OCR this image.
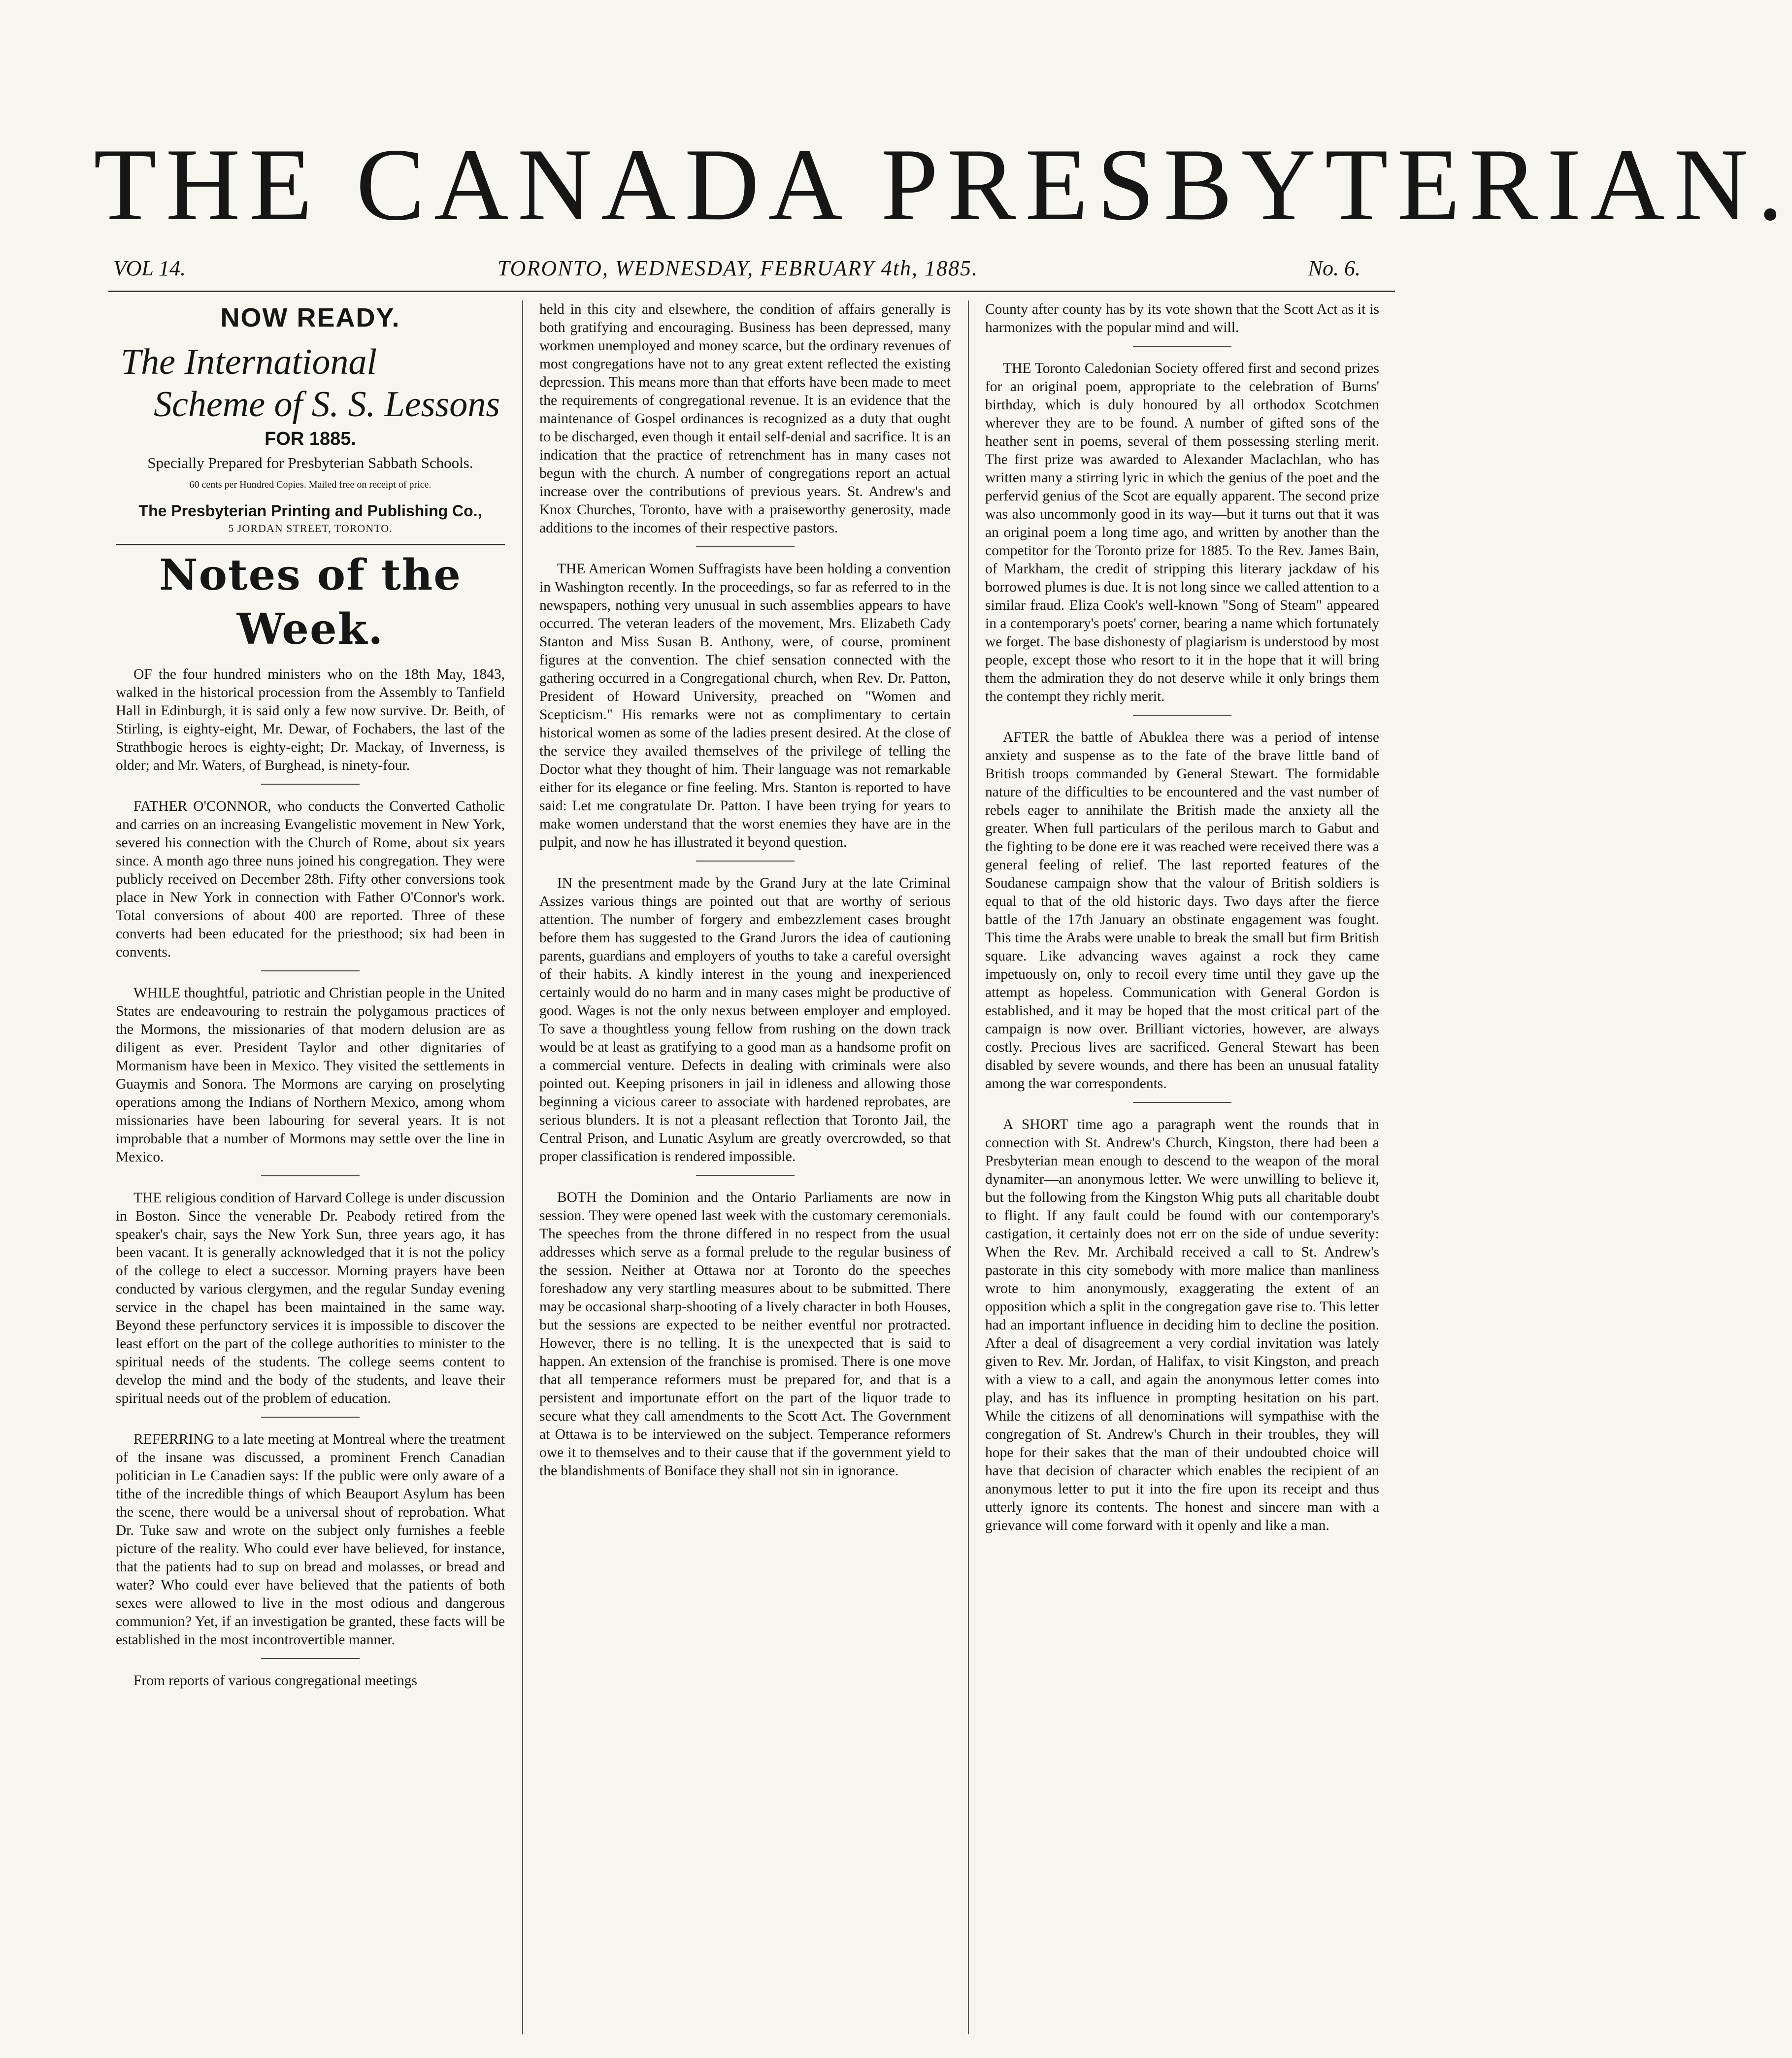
THE CANADA PRESBYTERIAN.
VOL 14.	TORONTO, WEDNESDAY, FEBRUARY 4th, 1885.	No. 6.
NOW READY.
The International
Scheme of S. S. Lessons
FOR 1885.
Specially Prepared for Presbyterian Sabbath Schools.
60 cents per Hundred Copies. Mailed free on receipt of price.
The Presbyterian Printing and Publishing Co.,
5 JORDAN STREET, TORONTO.
Notes of the Week.
OF the four hundred ministers who on the 18th May, 1843, walked in the historical procession from the Assembly to Tanfield Hall in Edinburgh, it is said only a few now survive. Dr. Beith, of Stirling, is eighty-eight, Mr. Dewar, of Fochabers, the last of the Strathbogie heroes is eighty-eight; Dr. Mackay, of Inverness, is older; and Mr. Waters, of Burghead, is ninety-four.
FATHER O'CONNOR, who conducts the Converted Catholic and carries on an increasing Evangelistic movement in New York, severed his connection with the Church of Rome, about six years since. A month ago three nuns joined his congregation. They were publicly received on December 28th. Fifty other conversions took place in New York in connection with Father O'Connor's work. Total conversions of about 400 are reported. Three of these converts had been educated for the priesthood; six had been in convents.
WHILE thoughtful, patriotic and Christian people in the United States are endeavouring to restrain the polygamous practices of the Mormons, the missionaries of that modern delusion are as diligent as ever. President Taylor and other dignitaries of Mormanism have been in Mexico. They visited the settlements in Guaymis and Sonora. The Mormons are carying on proselyting operations among the Indians of Northern Mexico, among whom missionaries have been labouring for several years. It is not improbable that a number of Mormons may settle over the line in Mexico.
THE religious condition of Harvard College is under discussion in Boston. Since the venerable Dr. Peabody retired from the speaker's chair, says the New York Sun, three years ago, it has been vacant. It is generally acknowledged that it is not the policy of the college to elect a successor. Morning prayers have been conducted by various clergymen, and the regular Sunday evening service in the chapel has been maintained in the same way. Beyond these perfunctory services it is impossible to discover the least effort on the part of the college authorities to minister to the spiritual needs of the students. The college seems content to develop the mind and the body of the students, and leave their spiritual needs out of the problem of education.
REFERRING to a late meeting at Montreal where the treatment of the insane was discussed, a prominent French Canadian politician in Le Canadien says: If the public were only aware of a tithe of the incredible things of which Beauport Asylum has been the scene, there would be a universal shout of reprobation. What Dr. Tuke saw and wrote on the subject only furnishes a feeble picture of the reality. Who could ever have believed, for instance, that the patients had to sup on bread and molasses, or bread and water? Who could ever have believed that the patients of both sexes were allowed to live in the most odious and dangerous communion? Yet, if an investigation be granted, these facts will be established in the most incontrovertible manner.
From reports of various congregational meetings
held in this city and elsewhere, the condition of affairs generally is both gratifying and encouraging. Business has been depressed, many workmen unemployed and money scarce, but the ordinary revenues of most congregations have not to any great extent reflected the existing depression. This means more than that efforts have been made to meet the requirements of congregational revenue. It is an evidence that the maintenance of Gospel ordinances is recognized as a duty that ought to be discharged, even though it entail self-denial and sacrifice. It is an indication that the practice of retrenchment has in many cases not begun with the church. A number of congregations report an actual increase over the contributions of previous years. St. Andrew's and Knox Churches, Toronto, have with a praiseworthy generosity, made additions to the incomes of their respective pastors.
THE American Women Suffragists have been holding a convention in Washington recently. In the proceedings, so far as referred to in the newspapers, nothing very unusual in such assemblies appears to have occurred. The veteran leaders of the movement, Mrs. Elizabeth Cady Stanton and Miss Susan B. Anthony, were, of course, prominent figures at the convention. The chief sensation connected with the gathering occurred in a Congregational church, when Rev. Dr. Patton, President of Howard University, preached on "Women and Scepticism." His remarks were not as complimentary to certain historical women as some of the ladies present desired. At the close of the service they availed themselves of the privilege of telling the Doctor what they thought of him. Their language was not remarkable either for its elegance or fine feeling. Mrs. Stanton is reported to have said: Let me congratulate Dr. Patton. I have been trying for years to make women understand that the worst enemies they have are in the pulpit, and now he has illustrated it beyond question.
IN the presentment made by the Grand Jury at the late Criminal Assizes various things are pointed out that are worthy of serious attention. The number of forgery and embezzlement cases brought before them has suggested to the Grand Jurors the idea of cautioning parents, guardians and employers of youths to take a careful oversight of their habits. A kindly interest in the young and inexperienced certainly would do no harm and in many cases might be productive of good. Wages is not the only nexus between employer and employed. To save a thoughtless young fellow from rushing on the down track would be at least as gratifying to a good man as a handsome profit on a commercial venture. Defects in dealing with criminals were also pointed out. Keeping prisoners in jail in idleness and allowing those beginning a vicious career to associate with hardened reprobates, are serious blunders. It is not a pleasant reflection that Toronto Jail, the Central Prison, and Lunatic Asylum are greatly overcrowded, so that proper classification is rendered impossible.
BOTH the Dominion and the Ontario Parliaments are now in session. They were opened last week with the customary ceremonials. The speeches from the throne differed in no respect from the usual addresses which serve as a formal prelude to the regular business of the session. Neither at Ottawa nor at Toronto do the speeches foreshadow any very startling measures about to be submitted. There may be occasional sharp-shooting of a lively character in both Houses, but the sessions are expected to be neither eventful nor protracted. However, there is no telling. It is the unexpected that is said to happen. An extension of the franchise is promised. There is one move that all temperance reformers must be prepared for, and that is a persistent and importunate effort on the part of the liquor trade to secure what they call amendments to the Scott Act. The Government at Ottawa is to be interviewed on the subject. Temperance reformers owe it to themselves and to their cause that if the government yield to the blandishments of Boniface they shall not sin in ignorance.
County after county has by its vote shown that the Scott Act as it is harmonizes with the popular mind and will.
THE Toronto Caledonian Society offered first and second prizes for an original poem, appropriate to the celebration of Burns' birthday, which is duly honoured by all orthodox Scotchmen wherever they are to be found. A number of gifted sons of the heather sent in poems, several of them possessing sterling merit. The first prize was awarded to Alexander Maclachlan, who has written many a stirring lyric in which the genius of the poet and the perfervid genius of the Scot are equally apparent. The second prize was also uncommonly good in its way—but it turns out that it was an original poem a long time ago, and written by another than the competitor for the Toronto prize for 1885. To the Rev. James Bain, of Markham, the credit of stripping this literary jackdaw of his borrowed plumes is due. It is not long since we called attention to a similar fraud. Eliza Cook's well-known "Song of Steam" appeared in a contemporary's poets' corner, bearing a name which fortunately we forget. The base dishonesty of plagiarism is understood by most people, except those who resort to it in the hope that it will bring them the admiration they do not deserve while it only brings them the contempt they richly merit.
AFTER the battle of Abuklea there was a period of intense anxiety and suspense as to the fate of the brave little band of British troops commanded by General Stewart. The formidable nature of the difficulties to be encountered and the vast number of rebels eager to annihilate the British made the anxiety all the greater. When full particulars of the perilous march to Gabut and the fighting to be done ere it was reached were received there was a general feeling of relief. The last reported features of the Soudanese campaign show that the valour of British soldiers is equal to that of the old historic days. Two days after the fierce battle of the 17th January an obstinate engagement was fought. This time the Arabs were unable to break the small but firm British square. Like advancing waves against a rock they came impetuously on, only to recoil every time until they gave up the attempt as hopeless. Communication with General Gordon is established, and it may be hoped that the most critical part of the campaign is now over. Brilliant victories, however, are always costly. Precious lives are sacrificed. General Stewart has been disabled by severe wounds, and there has been an unusual fatality among the war correspondents.
A SHORT time ago a paragraph went the rounds that in connection with St. Andrew's Church, Kingston, there had been a Presbyterian mean enough to descend to the weapon of the moral dynamiter—an anonymous letter. We were unwilling to believe it, but the following from the Kingston Whig puts all charitable doubt to flight. If any fault could be found with our contemporary's castigation, it certainly does not err on the side of undue severity: When the Rev. Mr. Archibald received a call to St. Andrew's pastorate in this city somebody with more malice than manliness wrote to him anonymously, exaggerating the extent of an opposition which a split in the congregation gave rise to. This letter had an important influence in deciding him to decline the position. After a deal of disagreement a very cordial invitation was lately given to Rev. Mr. Jordan, of Halifax, to visit Kingston, and preach with a view to a call, and again the anonymous letter comes into play, and has its influence in prompting hesitation on his part. While the citizens of all denominations will sympathise with the congregation of St. Andrew's Church in their troubles, they will hope for their sakes that the man of their undoubted choice will have that decision of character which enables the recipient of an anonymous letter to put it into the fire upon its receipt and thus utterly ignore its contents. The honest and sincere man with a grievance will come forward with it openly and like a man.
